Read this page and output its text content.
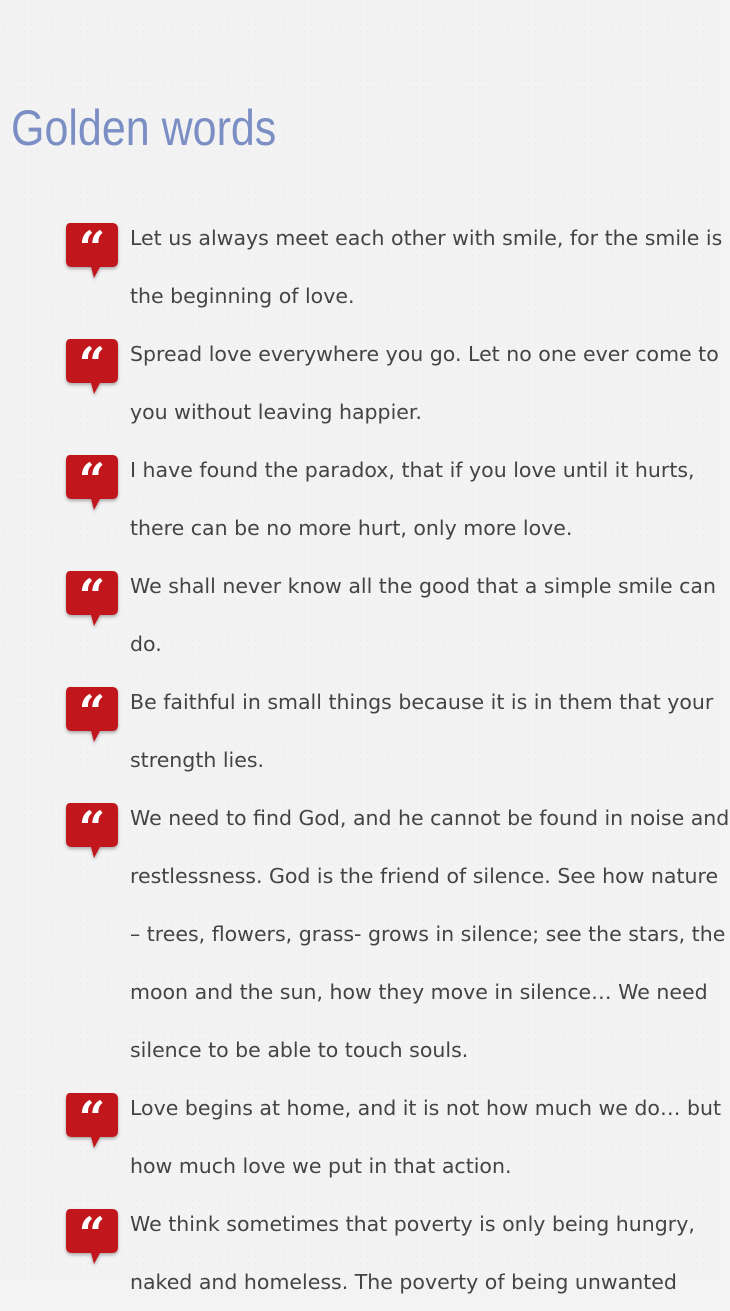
Golden words
“ Let us always meet each other with smile, for the smile is
the beginning of love.
“ Spread love everywhere you go. Let no one ever come to
you without leaving happier.
“ I have found the paradox, that if you love until it hurts,
there can be no more hurt, only more love.
“ We shall never know all the good that a simple smile can
do.
“ Be faithful in small things because it is in them that your
strength lies.
“ We need to find God, and he cannot be found in noise and
restlessness. God is the friend of silence. See how nature
– trees, flowers, grass- grows in silence; see the stars, the
moon and the sun, how they move in silence… We need
silence to be able to touch souls.
“ Love begins at home, and it is not how much we do… but
how much love we put in that action.
“ We think sometimes that poverty is only being hungry,
naked and homeless. The poverty of being unwanted
